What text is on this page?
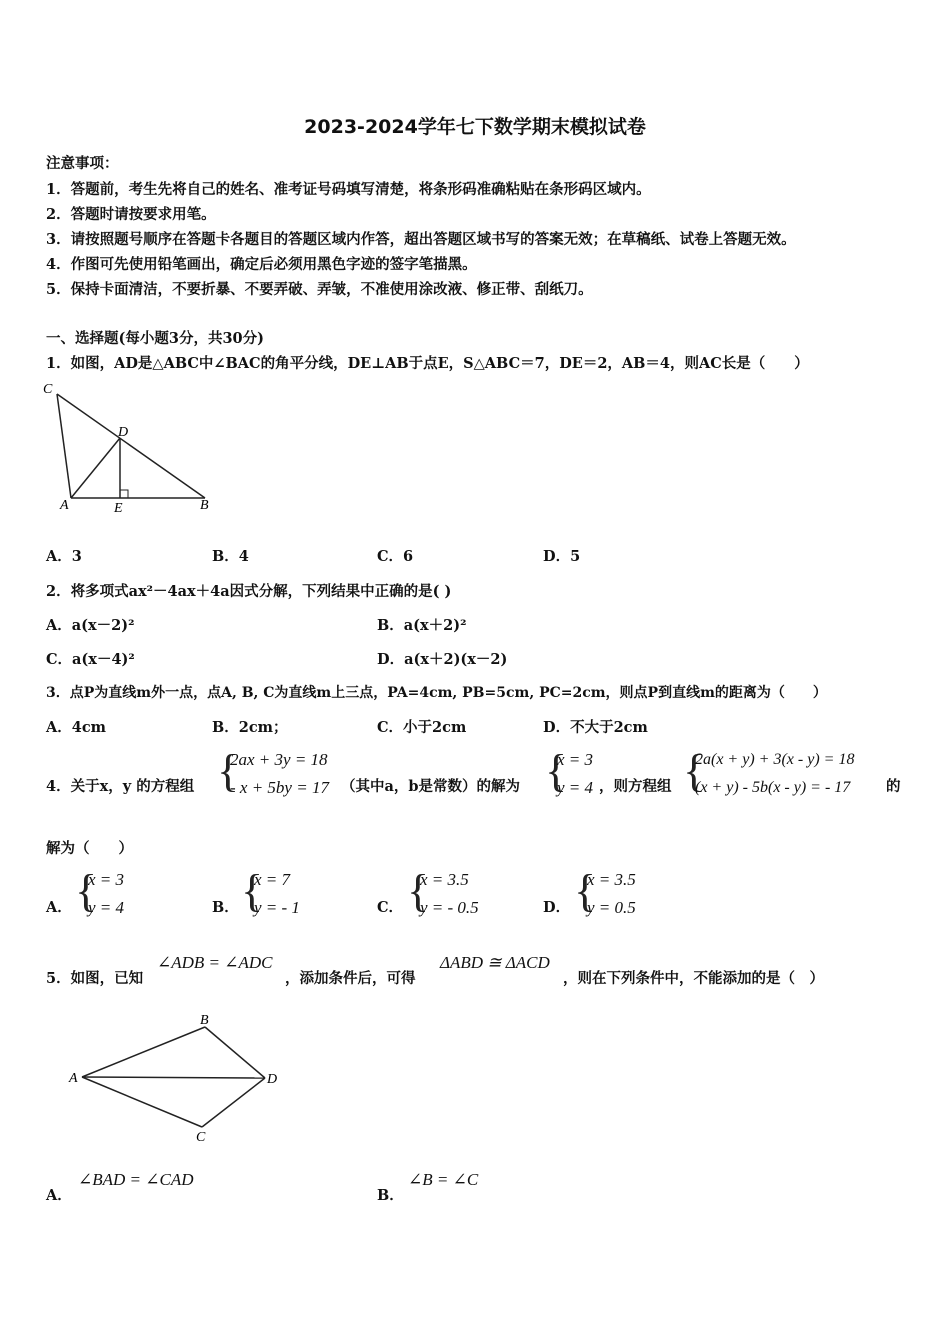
2023-2024学年七下数学期末模拟试卷
注意事项：
1．答题前，考生先将自己的姓名、准考证号码填写清楚，将条形码准确粘贴在条形码区域内。
2．答题时请按要求用笔。
3．请按照题号顺序在答题卡各题目的答题区域内作答，超出答题区域书写的答案无效；在草稿纸、试卷上答题无效。
4．作图可先使用铅笔画出，确定后必须用黑色字迹的签字笔描黑。
5．保持卡面清洁，不要折暴、不要弄破、弄皱，不准使用涂改液、修正带、刮纸刀。
一、选择题(每小题3分，共30分)
1．如图，AD是△ABC中∠BAC的角平分线，DE⊥AB于点E，S△ABC＝7，DE＝2，AB＝4，则AC长是（　　）
C
D
A	E	B
A．3	B．4	C．6	D．5
2．将多项式ax²－4ax＋4a因式分解，下列结果中正确的是( )
A．a(x－2)²	B．a(x＋2)²
C．a(x－4)²	D．a(x＋2)(x－2)
3．点P为直线m外一点，点A, B, C为直线m上三点，PA=4cm, PB=5cm, PC=2cm，则点P到直线m的距离为（　　）
A．4cm	B．2cm；	C．小于2cm	D．不大于2cm
4．关于x，y 的方程组 {
2ax + 3y = 18
- x + 5by = 17 （其中a，b是常数）的解为 {
x = 3
y = 4 ，则方程组 {
2a(x + y) + 3(x - y) = 18
(x + y) - 5b(x - y) = - 17 的
解为（　　）
A． {
x = 3
y = 4	B． {
x = 7
y = - 1	C． {
x = 3.5
y = - 0.5	D． {
x = 3.5
y = 0.5
5．如图，已知
∠ADB = ∠ADC
，添加条件后，可得
ΔABD ≅ ΔACD
，则在下列条件中，不能添加的是（　）
B
A	D
C
A．
∠BAD = ∠CAD
B．
∠B = ∠C
